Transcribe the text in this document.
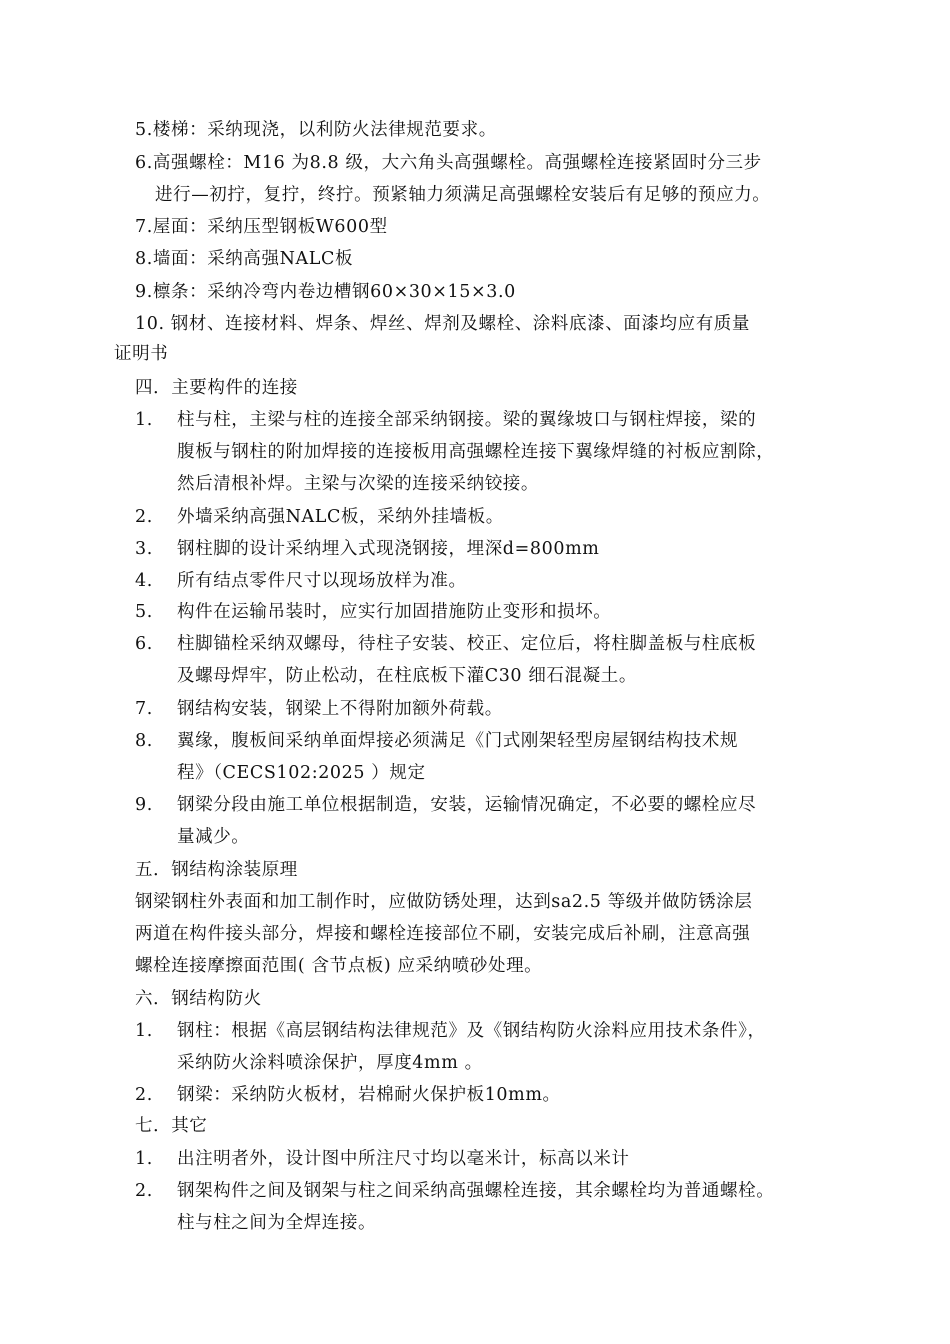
5.楼梯：采纳现浇，以利防火法律规范要求。
6.高强螺栓：M16 为8.8 级，大六角头高强螺栓。高强螺栓连接紧固时分三步
进行—初拧，复拧，终拧。预紧轴力须满足高强螺栓安装后有足够的预应力。
7.屋面：采纳压型钢板W600型
8.墙面：采纳高强NALC板
9.檩条：采纳冷弯内卷边槽钢60×30×15×3.0
10. 钢材、连接材料、焊条、焊丝、焊剂及螺栓、涂料底漆、面漆均应有质量
证明书
四．主要构件的连接
1. 柱与柱，主梁与柱的连接全部采纳钢接。梁的翼缘坡口与钢柱焊接，梁的
腹板与钢柱的附加焊接的连接板用高强螺栓连接下翼缘焊缝的衬板应割除，
然后清根补焊。主梁与次梁的连接采纳铰接。
2. 外墙采纳高强NALC板，采纳外挂墙板。
3. 钢柱脚的设计采纳埋入式现浇钢接，埋深d=800mm
4. 所有结点零件尺寸以现场放样为准。
5. 构件在运输吊装时，应实行加固措施防止变形和损坏。
6. 柱脚锚栓采纳双螺母，待柱子安装、校正、定位后，将柱脚盖板与柱底板
及螺母焊牢，防止松动，在柱底板下灌C30 细石混凝土。
7. 钢结构安装，钢梁上不得附加额外荷载。
8. 翼缘，腹板间采纳单面焊接必须满足《门式刚架轻型房屋钢结构技术规
程》（CECS102:2025 ）规定
9. 钢梁分段由施工单位根据制造，安装，运输情况确定，不必要的螺栓应尽
量减少。
五．钢结构涂装原理
钢梁钢柱外表面和加工制作时，应做防锈处理，达到sa2.5 等级并做防锈涂层
两道在构件接头部分，焊接和螺栓连接部位不刷，安装完成后补刷，注意高强
螺栓连接摩擦面范围( 含节点板) 应采纳喷砂处理。
六．钢结构防火
1. 钢柱：根据《高层钢结构法律规范》及《钢结构防火涂料应用技术条件》，
采纳防火涂料喷涂保护，厚度4mm 。
2. 钢梁：采纳防火板材，岩棉耐火保护板10mm。
七．其它
1. 出注明者外，设计图中所注尺寸均以毫米计，标高以米计
2. 钢架构件之间及钢架与柱之间采纳高强螺栓连接，其余螺栓均为普通螺栓。
柱与柱之间为全焊连接。
